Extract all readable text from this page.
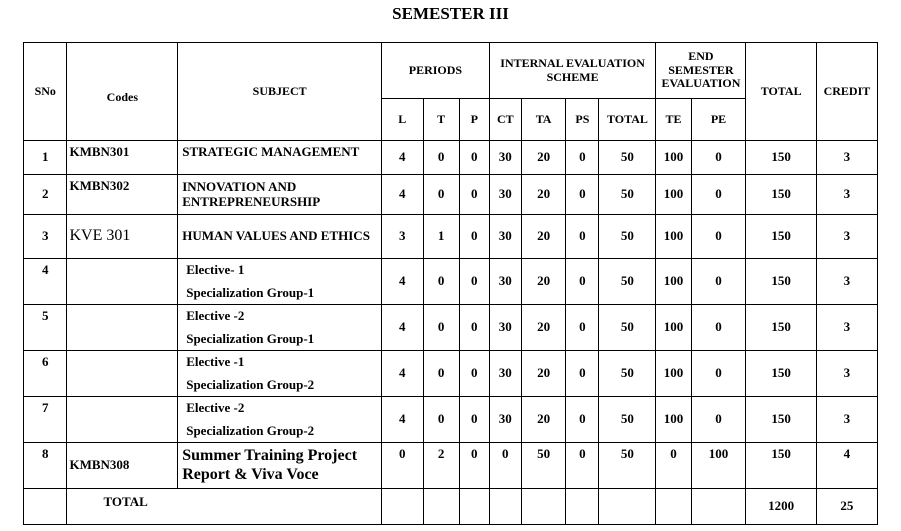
SEMESTER III
SNo	Codes	SUBJECT	PERIODS			INTERNAL EVALUATION SCHEME				END
SEMESTER
EVALUATION		TOTAL	CREDIT
			L	T	P	CT	TA	PS	TOTAL	TE	PE		
1	KMBN301	STRATEGIC MANAGEMENT	4	0	0	30	20	0	50	100	0	150	3
2	KMBN302	INNOVATION AND ENTREPRENEURSHIP	4	0	0	30	20	0	50	100	0	150	3
3	KVE 301	HUMAN VALUES AND ETHICS	3	1	0	30	20	0	50	100	0	150	3
4		Elective- 1
Specialization Group-1	4	0	0	30	20	0	50	100	0	150	3
5		Elective -2
Specialization Group-1	4	0	0	30	20	0	50	100	0	150	3
6		Elective -1
Specialization Group-2	4	0	0	30	20	0	50	100	0	150	3
7		Elective -2
Specialization Group-2	4	0	0	30	20	0	50	100	0	150	3
8	KMBN308	Summer Training Project Report & Viva Voce	0	2	0	0	50	0	50	0	100	150	4
	TOTAL											1200	25
